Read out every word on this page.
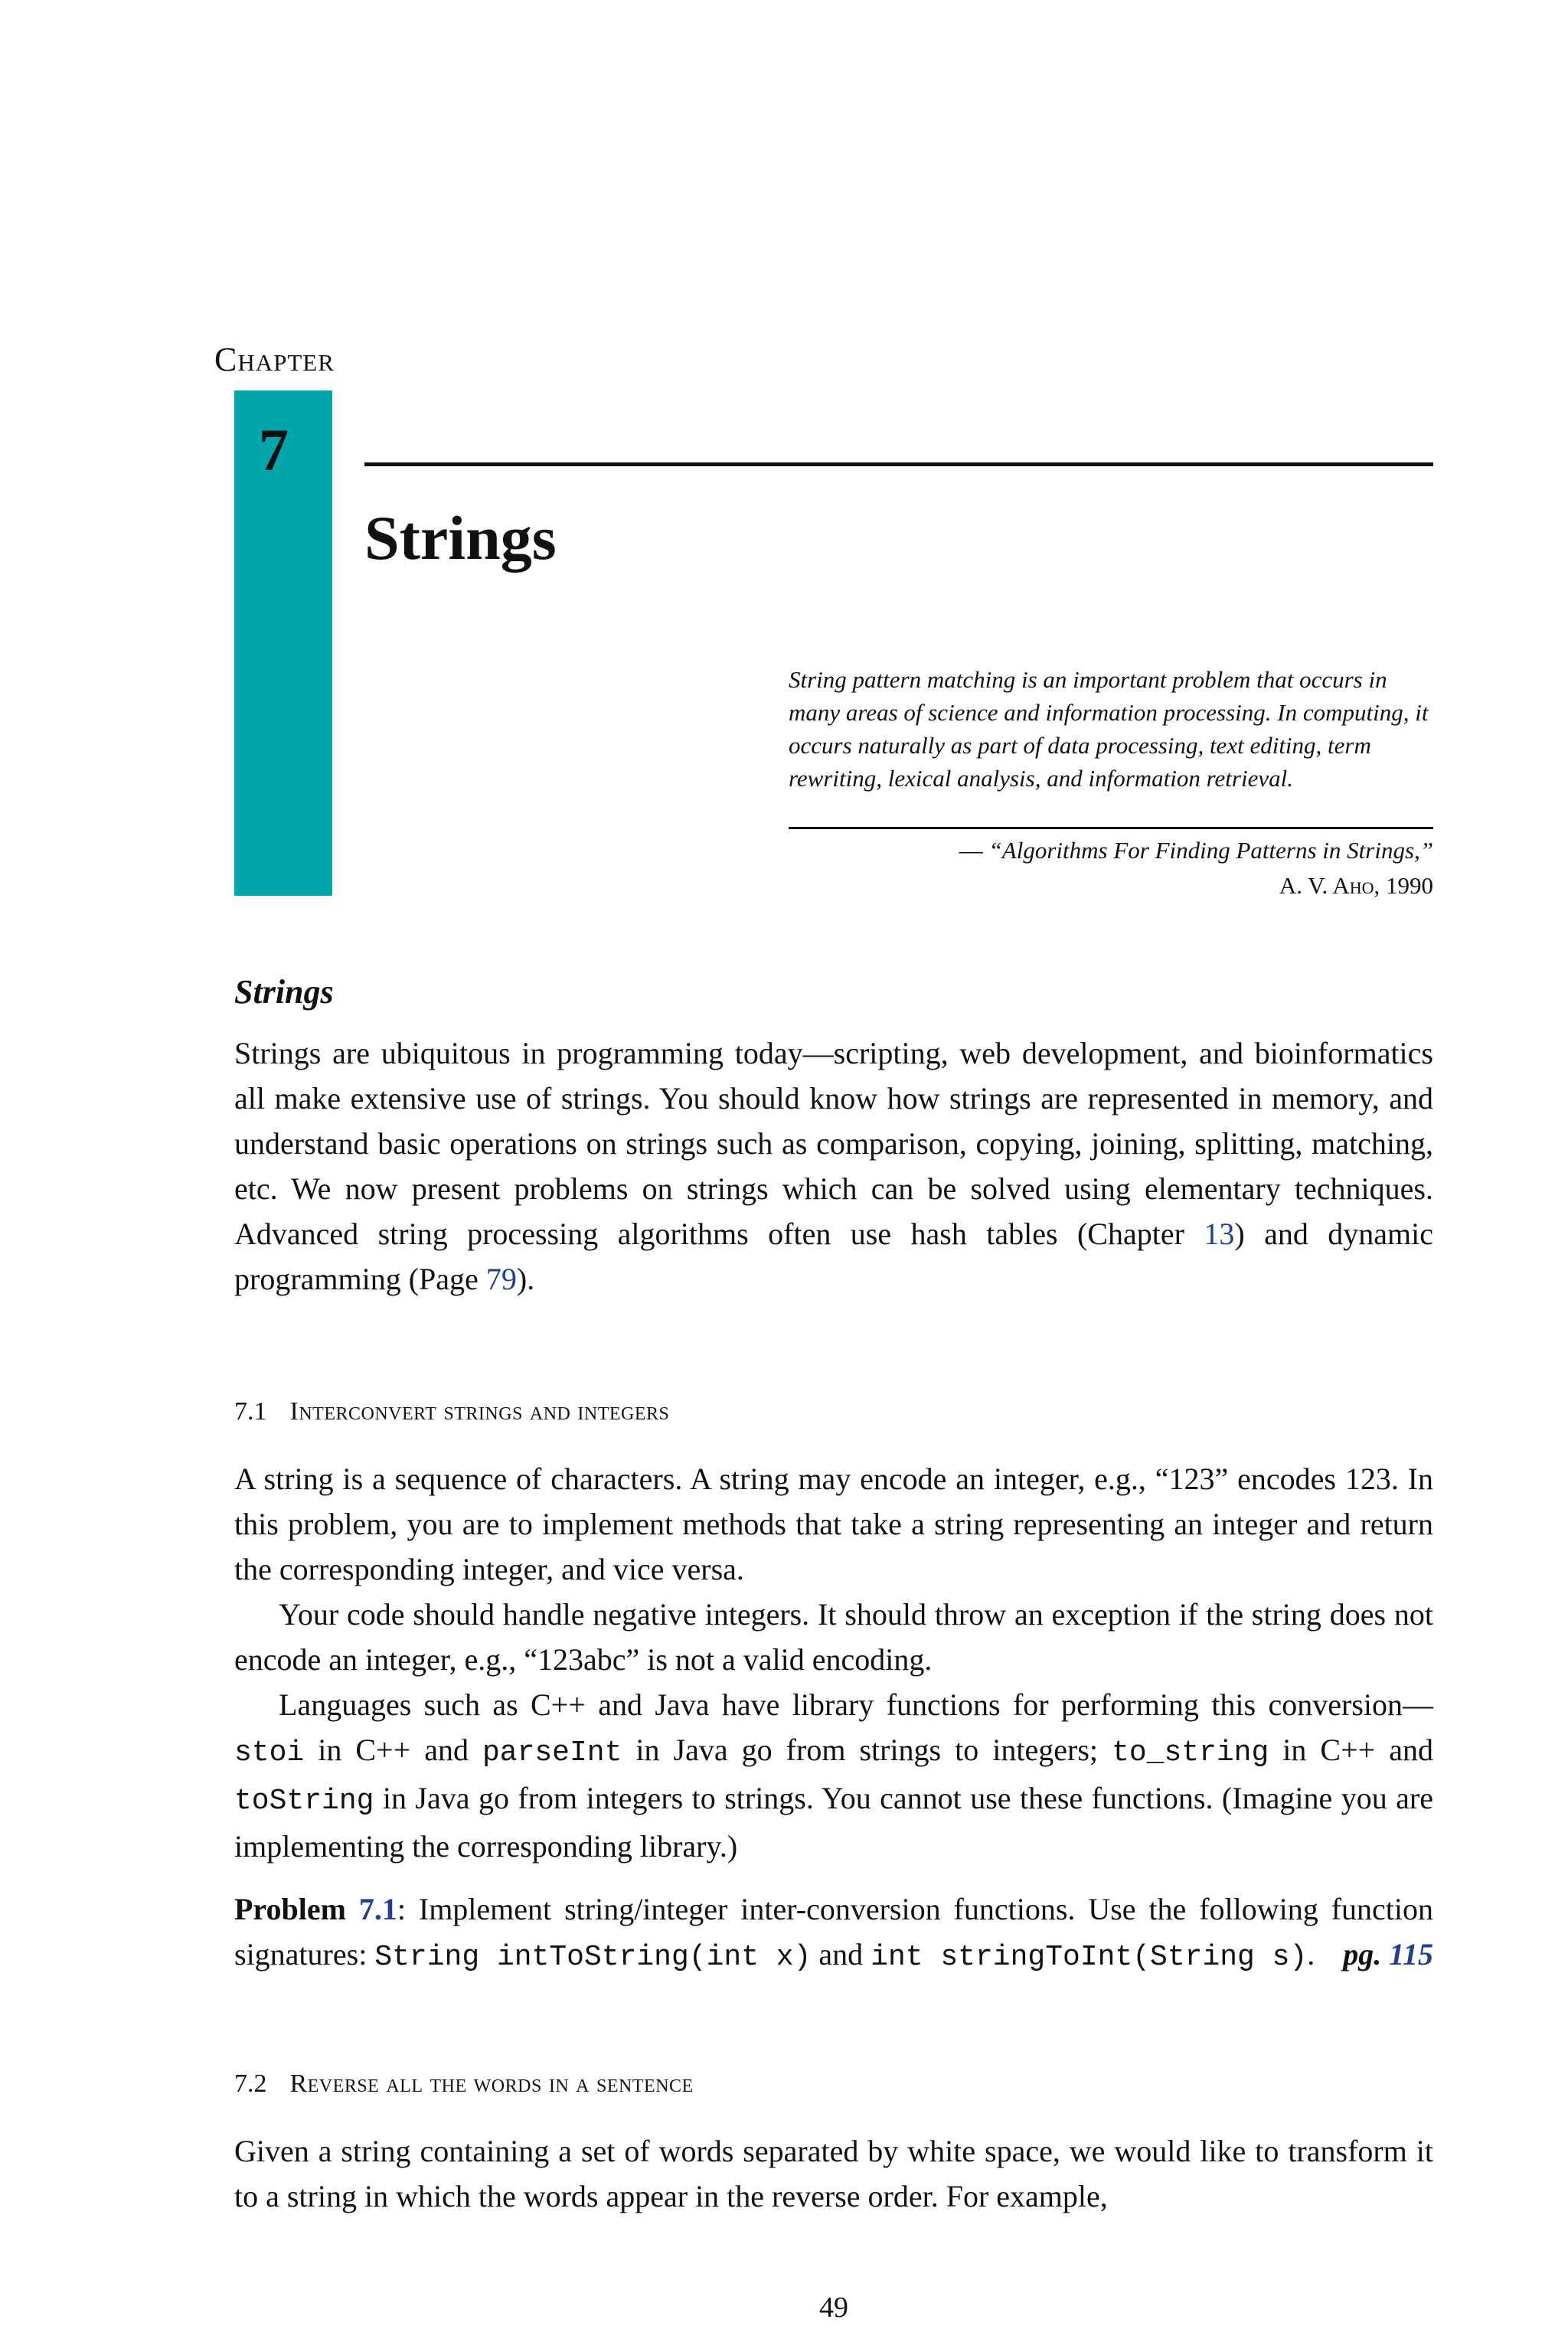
Chapter
7
Strings
String pattern matching is an important problem that occurs in many areas of science and information processing. In computing, it occurs naturally as part of data processing, text editing, term rewriting, lexical analysis, and information retrieval.
— “Algorithms For Finding Patterns in Strings,”
A. V. Aho, 1990
Strings

Strings are ubiquitous in programming today—scripting, web development, and bioinformatics all make extensive use of strings. You should know how strings are represented in memory, and understand basic operations on strings such as comparison, copying, joining, splitting, matching, etc. We now present problems on strings which can be solved using elementary techniques. Advanced string processing algorithms often use hash tables (Chapter 13) and dynamic programming (Page 79).

7.1 Interconvert strings and integers

A string is a sequence of characters. A string may encode an integer, e.g., “123” encodes 123. In this problem, you are to implement methods that take a string representing an integer and return the corresponding integer, and vice versa.

Your code should handle negative integers. It should throw an exception if the string does not encode an integer, e.g., “123abc” is not a valid encoding.

Languages such as C++ and Java have library functions for performing this conversion—stoi in C++ and parseInt in Java go from strings to integers; to_string in C++ and toString in Java go from integers to strings. You cannot use these functions. (Imagine you are implementing the corresponding library.)

Problem 7.1: Implement string/integer inter-conversion functions. Use the following function signatures: String intToString(int x) and int stringToInt(String s). pg. 115
7.2 Reverse all the words in a sentence

Given a string containing a set of words separated by white space, we would like to transform it to a string in which the words appear in the reverse order. For example,

49
